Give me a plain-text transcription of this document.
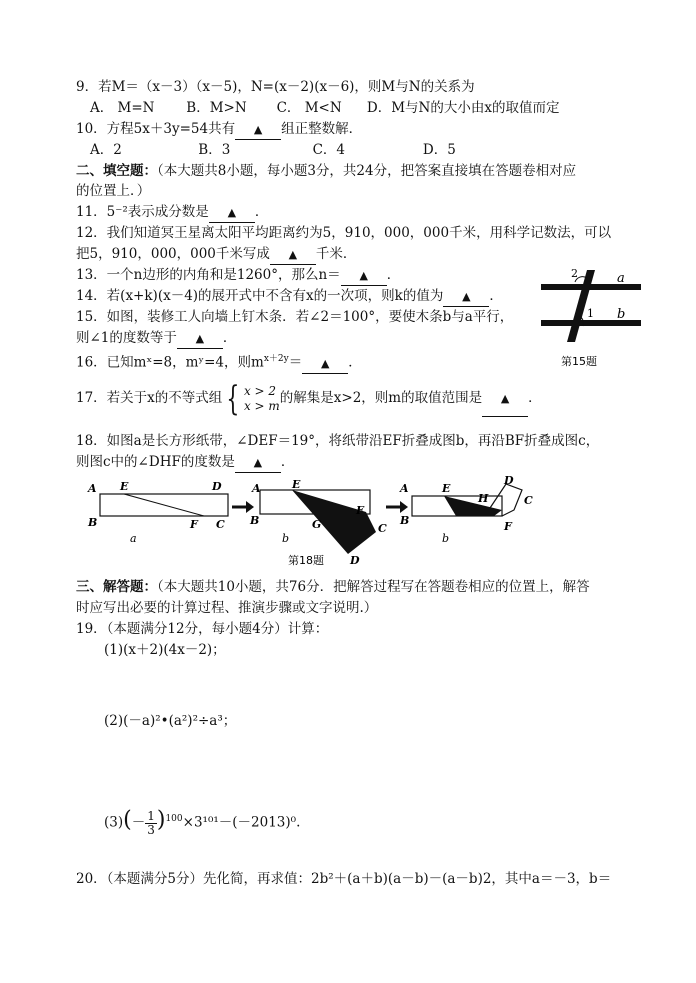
9．若M＝（x－3）（x－5)，N=(x－2)(x－6)，则M与N的关系为
A． M=N B．M>N C． M<N D．M与N的大小由x的取值而定
10．方程5x＋3y=54共有 ▲ 组正整数解．
A．2	B．3	C．4	D．5
二、填空题：（本大题共8小题，每小题3分，共24分，把答案直接填在答题卷相对应
的位置上．）
11．5⁻²表示成分数是 ▲ ．
12．我们知道冥王星离太阳平均距离约为5，910，000，000千米，用科学记数法，可以
把5，910，000，000千米写成 ▲ 千米．
13．一个n边形的内角和是1260°，那么n＝ ▲ ．
14．若(x+k)(x－4)的展开式中不含有x的一次项，则k的值为 ▲ ．
15．如图，装修工人向墙上钉木条．若∠2＝100°，要使木条b与a平行，
则∠1的度数等于 ▲ ．
2
1
a
b
第15题
16．已知mˣ=8，mʸ=4，则$m^{x+2y}=$ ▲ ．
17．若关于x的不等式组 { x > 2
x > m 的解集是x>2，则m的取值范围是 ▲ ．
18．如图a是长方形纸带，∠DEF＝19°，将纸带沿EF折叠成图b，再沿BF折叠成图c，
则图c中的∠DHF的度数是 ▲ ．
A
B
E	D
F C
a
A
B
E
F
C
G
D
b
A
B
E
H
D
C
F
b
第18题
三、解答题：（本大题共10小题，共76分．把解答过程写在答题卷相应的位置上，解答
时应写出必要的计算过程、推演步骤或文字说明.）
19．（本题满分12分，每小题4分）计算：
(1)(x＋2)(4x－2)；
(2)(－a)²•(a²)²÷a³；
$(3)(- \frac{1}{3} )^{100}\times 3^{101}-(-2013)^0$.
20．（本题满分5分）先化简，再求值：2b²＋(a＋b)(a－b)－(a－b)2，其中a＝－3，b＝
